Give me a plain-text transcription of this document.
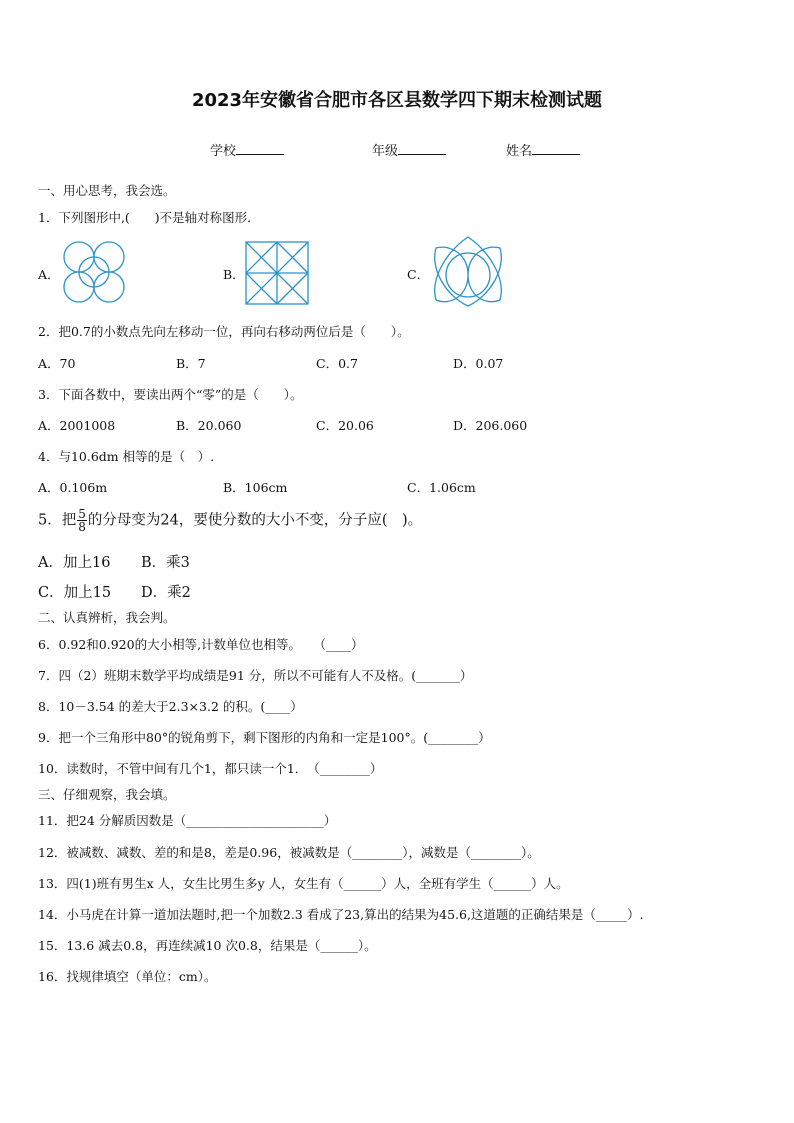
2023年安徽省合肥市各区县数学四下期末检测试题
学校	年级	姓名
一、用心思考，我会选。
1．下列图形中,(　　)不是轴对称图形．
A．	B．	C．
2．把0.7的小数点先向左移动一位，再向右移动两位后是（　　）。
A．70	B．7	C．0.7	D．0.07
3．下面各数中，要读出两个“零”的是（　　）。
A．2001008	B．20.060	C．20.06	D．206.060
4．与10.6dm 相等的是（　）.
A．0.106m	B．106cm	C．1.06cm
5．把 $\frac{5}{8}$ 的分母变为24，要使分数的大小不变，分子应(　)。
A．加上16 B．乘3
C．加上15 D．乘2
二、认真辨析，我会判。
6．0.92和0.920的大小相等,计数单位也相等。　　（____）
7．四（2）班期末数学平均成绩是91 分，所以不可能有人不及格。(_______）
8．10－3.54 的差大于2.3×3.2 的积。(____）
9．把一个三角形中80°的锐角剪下，剩下图形的内角和一定是100°。(________）
10．读数时，不管中间有几个1，都只读一个1．　（________）
三、仔细观察，我会填。
11．把24 分解质因数是（______________________）
12．被减数、减数、差的和是8，差是0.96，被减数是（________），减数是（________）。
13．四(1)班有男生x 人，女生比男生多y 人，女生有（______）人，全班有学生（______）人。
14．小马虎在计算一道加法题时,把一个加数2.3 看成了23,算出的结果为45.6,这道题的正确结果是（_____）.
15．13.6 减去0.8，再连续减10 次0.8，结果是（______）。
16．找规律填空（单位：cm）。
